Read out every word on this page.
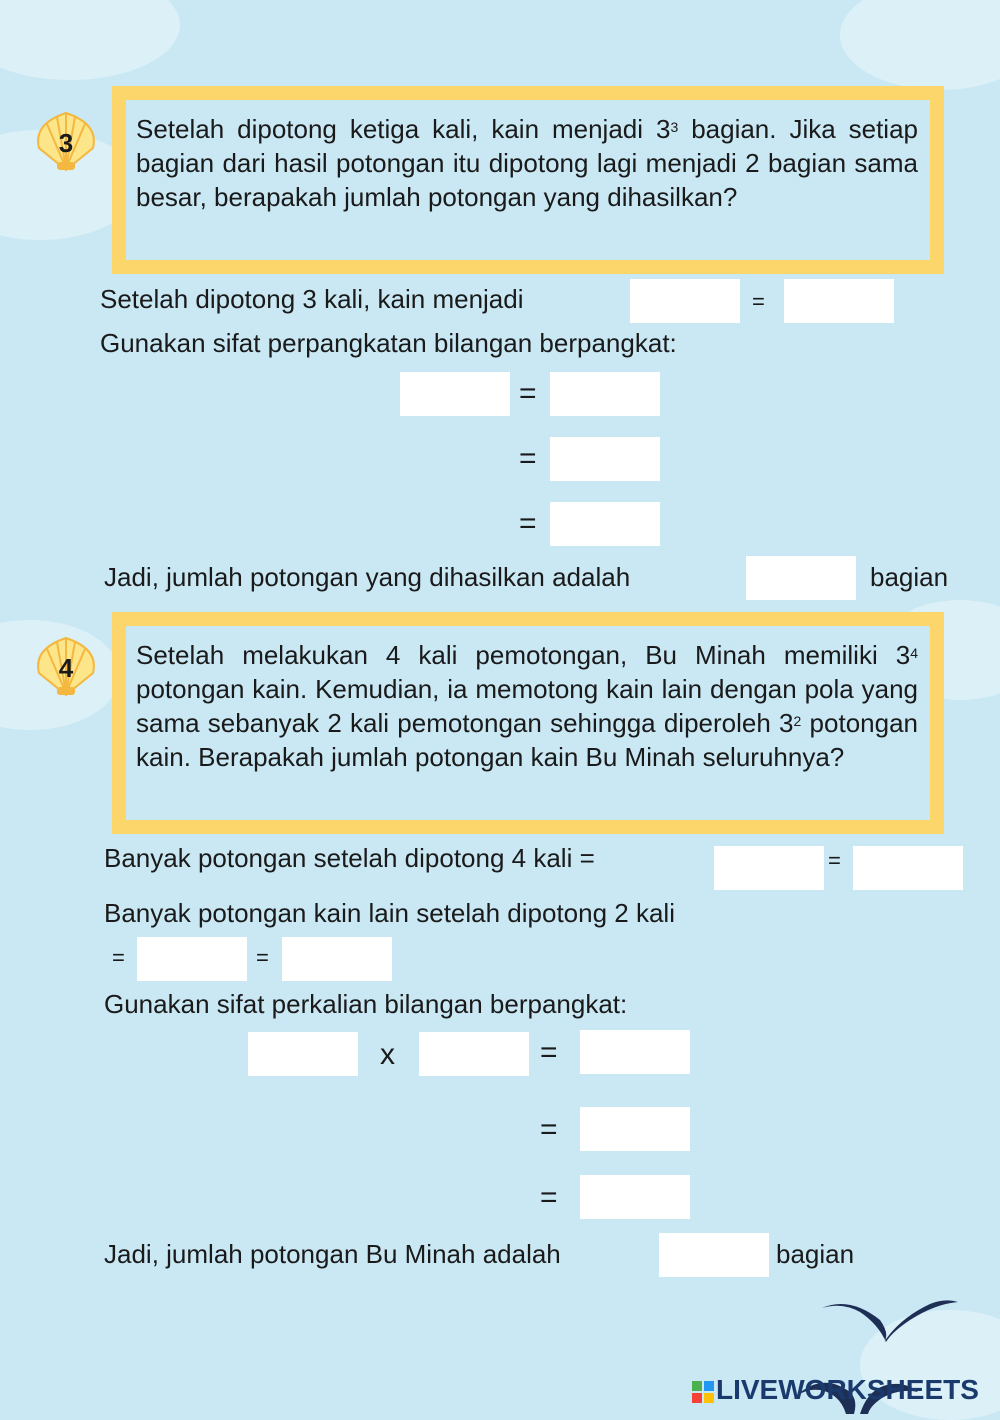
3	Setelah dipotong ketiga kali, kain menjadi $3^3$ bagian. Jika setiap bagian dari hasil potongan itu dipotong lagi menjadi 2 bagian sama besar, berapakah jumlah potongan yang dihasilkan?
Setelah dipotong 3 kali, kain menjadi	=
Gunakan sifat perpangkatan bilangan berpangkat:
=
=
=
Jadi, jumlah potongan yang dihasilkan adalah	bagian
4	Setelah melakukan 4 kali pemotongan, Bu Minah memiliki $3^4$ potongan kain. Kemudian, ia memotong kain lain dengan pola yang sama sebanyak 2 kali pemotongan sehingga diperoleh $3^2$ potongan kain. Berapakah jumlah potongan kain Bu Minah seluruhnya?
Banyak potongan setelah dipotong 4 kali =	=
Banyak potongan kain lain setelah dipotong 2 kali
=	=
Gunakan sifat perkalian bilangan berpangkat:
x	=
=
=
Jadi, jumlah potongan Bu Minah adalah	bagian
LIVEWORKSHEETS
